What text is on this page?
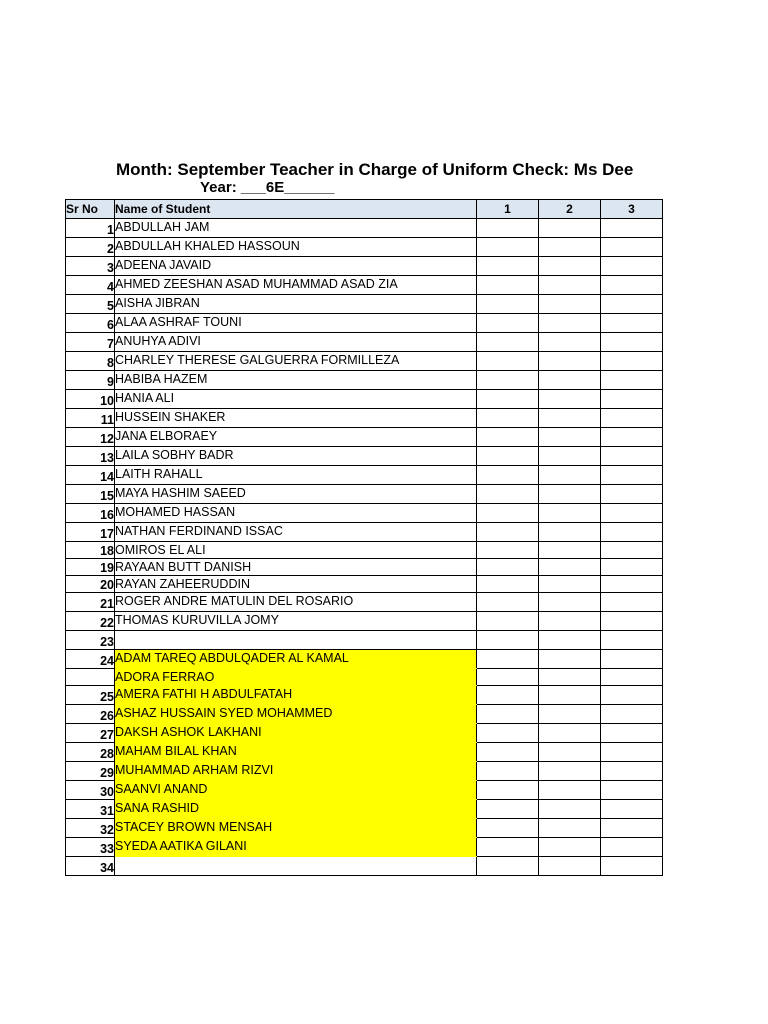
Month: September Teacher in Charge of Uniform Check: Ms Dee
Year: ___6E______
Sr No	Name of Student	1	2	3
1	ABDULLAH JAM			
2	ABDULLAH KHALED HASSOUN			
3	ADEENA JAVAID			
4	AHMED ZEESHAN ASAD MUHAMMAD ASAD ZIA			
5	AISHA JIBRAN			
6	ALAA ASHRAF TOUNI			
7	ANUHYA ADIVI			
8	CHARLEY THERESE GALGUERRA FORMILLEZA			
9	HABIBA HAZEM			
10	HANIA ALI			
11	HUSSEIN SHAKER			
12	JANA ELBORAEY			
13	LAILA SOBHY BADR			
14	LAITH RAHALL			
15	MAYA HASHIM SAEED			
16	MOHAMED HASSAN			
17	NATHAN FERDINAND ISSAC			
18	OMIROS EL ALI			
19	RAYAAN BUTT DANISH			
20	RAYAN ZAHEERUDDIN			
21	ROGER ANDRE MATULIN DEL ROSARIO			
22	THOMAS KURUVILLA JOMY			
23				
24	ADAM TAREQ ABDULQADER AL KAMAL			
	ADORA FERRAO			
25	AMERA FATHI H ABDULFATAH			
26	ASHAZ HUSSAIN SYED MOHAMMED			
27	DAKSH ASHOK LAKHANI			
28	MAHAM BILAL KHAN			
29	MUHAMMAD ARHAM RIZVI			
30	SAANVI ANAND			
31	SANA RASHID			
32	STACEY BROWN MENSAH			
33	SYEDA AATIKA GILANI			
34				
